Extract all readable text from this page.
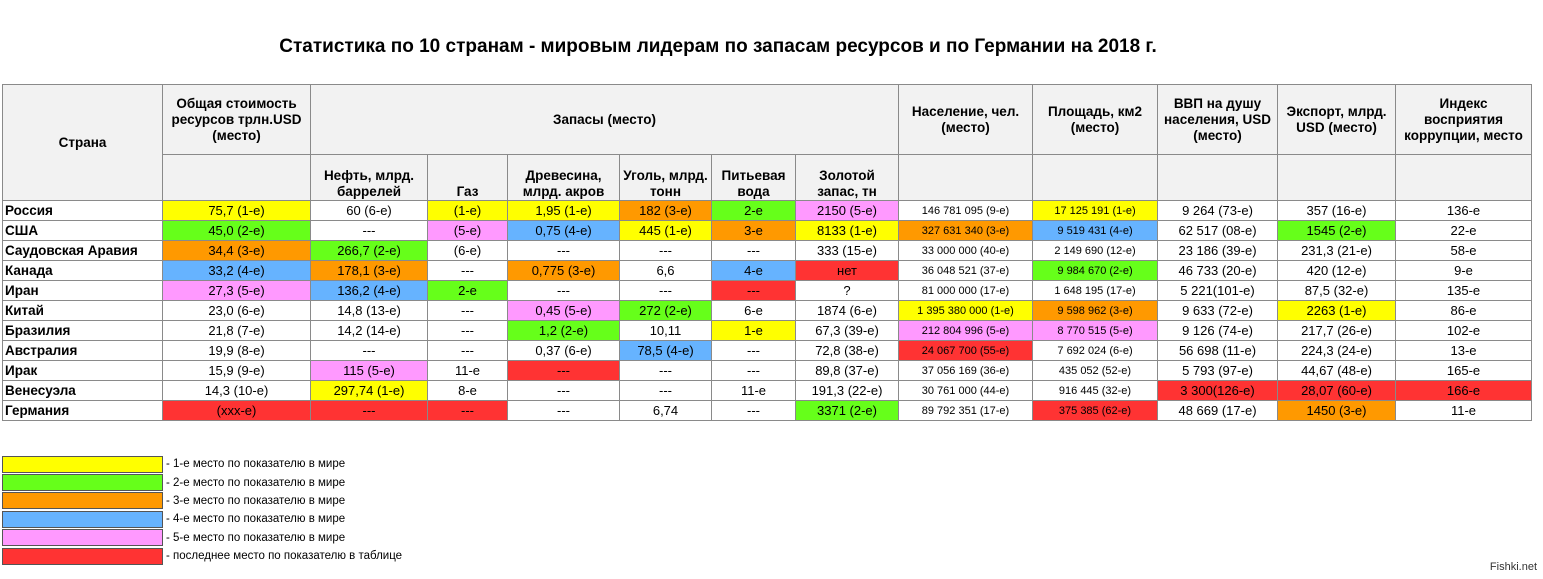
Статистика по 10 странам - мировым лидерам по запасам ресурсов и по Германии на 2018 г.
Страна	Общая стоимость ресурсов трлн.USD (место)	Запасы (место)						Население, чел. (место)	Площадь, км2 (место)	ВВП на душу населения, USD (место)	Экспорт, млрд. USD (место)	Индекс восприятия коррупции, место
		Нефть, млрд. баррелей	Газ	Древесина, млрд. акров	Уголь, млрд. тонн	Питьевая вода	Золотой запас, тн					
Россия	75,7 (1-е)	60 (6-е)	(1-е)	1,95 (1-е)	182 (3-е)	2-е	2150 (5-е)	146 781 095 (9-е)	17 125 191 (1-е)	9 264 (73-е)	357 (16-е)	136-е
США	45,0 (2-е)	---	(5-е)	0,75 (4-е)	445 (1-е)	3-е	8133 (1-е)	327 631 340 (3-е)	9 519 431 (4-е)	62 517 (08-е)	1545 (2-е)	22-е
Саудовская Аравия	34,4 (3-е)	266,7 (2-е)	(6-е)	---	---	---	333 (15-е)	33 000 000 (40-е)	2 149 690 (12-е)	23 186 (39-е)	231,3 (21-е)	58-е
Канада	33,2 (4-е)	178,1 (3-е)	---	0,775 (3-е)	6,6	4-е	нет	36 048 521 (37-е)	9 984 670 (2-е)	46 733 (20-е)	420 (12-е)	9-е
Иран	27,3 (5-е)	136,2 (4-е)	2-е	---	---	---	?	81 000 000 (17-е)	1 648 195 (17-е)	5 221(101-е)	87,5 (32-е)	135-е
Китай	23,0 (6-е)	14,8 (13-е)	---	0,45 (5-е)	272 (2-е)	6-е	1874 (6-е)	1 395 380 000 (1-е)	9 598 962 (3-е)	9 633 (72-е)	2263 (1-е)	86-е
Бразилия	21,8 (7-е)	14,2 (14-е)	---	1,2 (2-е)	10,11	1-е	67,3 (39-е)	212 804 996 (5-е)	8 770 515 (5-е)	9 126 (74-е)	217,7 (26-е)	102-е
Австралия	19,9 (8-е)	---	---	0,37 (6-е)	78,5 (4-е)	---	72,8 (38-е)	24 067 700 (55-е)	7 692 024 (6-е)	56 698 (11-е)	224,3 (24-е)	13-е
Ирак	15,9 (9-е)	115 (5-е)	11-е	---	---	---	89,8 (37-е)	37 056 169 (36-е)	435 052 (52-е)	5 793 (97-е)	44,67 (48-е)	165-е
Венесуэла	14,3 (10-е)	297,74 (1-е)	8-е	---	---	11-е	191,3 (22-е)	30 761 000 (44-е)	916 445 (32-е)	3 300(126-е)	28,07 (60-е)	166-е
Германия	(xxx-е)	---	---	---	6,74	---	3371 (2-е)	89 792 351 (17-е)	375 385 (62-е)	48 669 (17-е)	1450 (3-е)	11-е
- 1-е место по показателю в мире
- 2-е место по показателю в мире
- 3-е место по показателю в мире
- 4-е место по показателю в мире
- 5-е место по показателю в мире
- последнее место по показателю в таблице
Fishki.net
